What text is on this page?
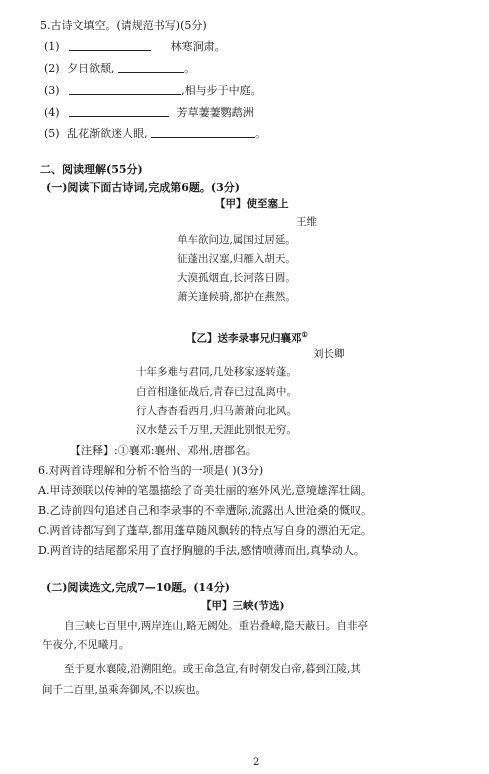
5.古诗文填空。(请规范书写)(5分)
(1)	林寒涧肃。
(2) 夕日欲颓,	。
(3)	,相与步于中庭。
(4)	芳草萋萋鹦鹉洲
(5) 乱花渐欲迷人眼,	。
二、阅读理解(55分)
(一)阅读下面古诗词,完成第6题。(3分)
【甲】使至塞上
王维
单车欲问边,属国过居延。
征蓬出汉塞,归雁入胡天。
大漠孤烟直,长河落日圆。
萧关逢候骑,都护在燕然。
【乙】送李录事兄归襄邓①
刘长卿
十年多难与君同,几处移家逐转蓬。
白首相逢征战后,青春已过乱离中。
行人杳杳看西月,归马萧萧向北风。
汉水楚云千万里,天涯此别恨无穷。
【注释】:①襄邓:襄州、邓州,唐郡名。
6.对两首诗理解和分析不恰当的一项是( )(3分)
A.甲诗颈联以传神的笔墨描绘了奇美壮丽的塞外风光,意境雄浑壮阔。
B.乙诗前四句追述自己和李录事的不幸遭际,流露出人世沧桑的慨叹。
C.两首诗都写到了蓬草,都用蓬草随风飘转的特点写自身的漂泊无定。
D.两首诗的结尾都采用了直抒胸臆的手法,感情喷薄而出,真挚动人。
(二)阅读选文,完成7—10题。(14分)
【甲】三峡(节选)
自三峡七百里中,两岸连山,略无阙处。重岩叠嶂,隐天蔽日。自非亭
午夜分,不见曦月。
至于夏水襄陵,沿溯阻绝。或王命急宣,有时朝发白帝,暮到江陵,其
间千二百里,虽乘奔御风,不以疾也。
2
